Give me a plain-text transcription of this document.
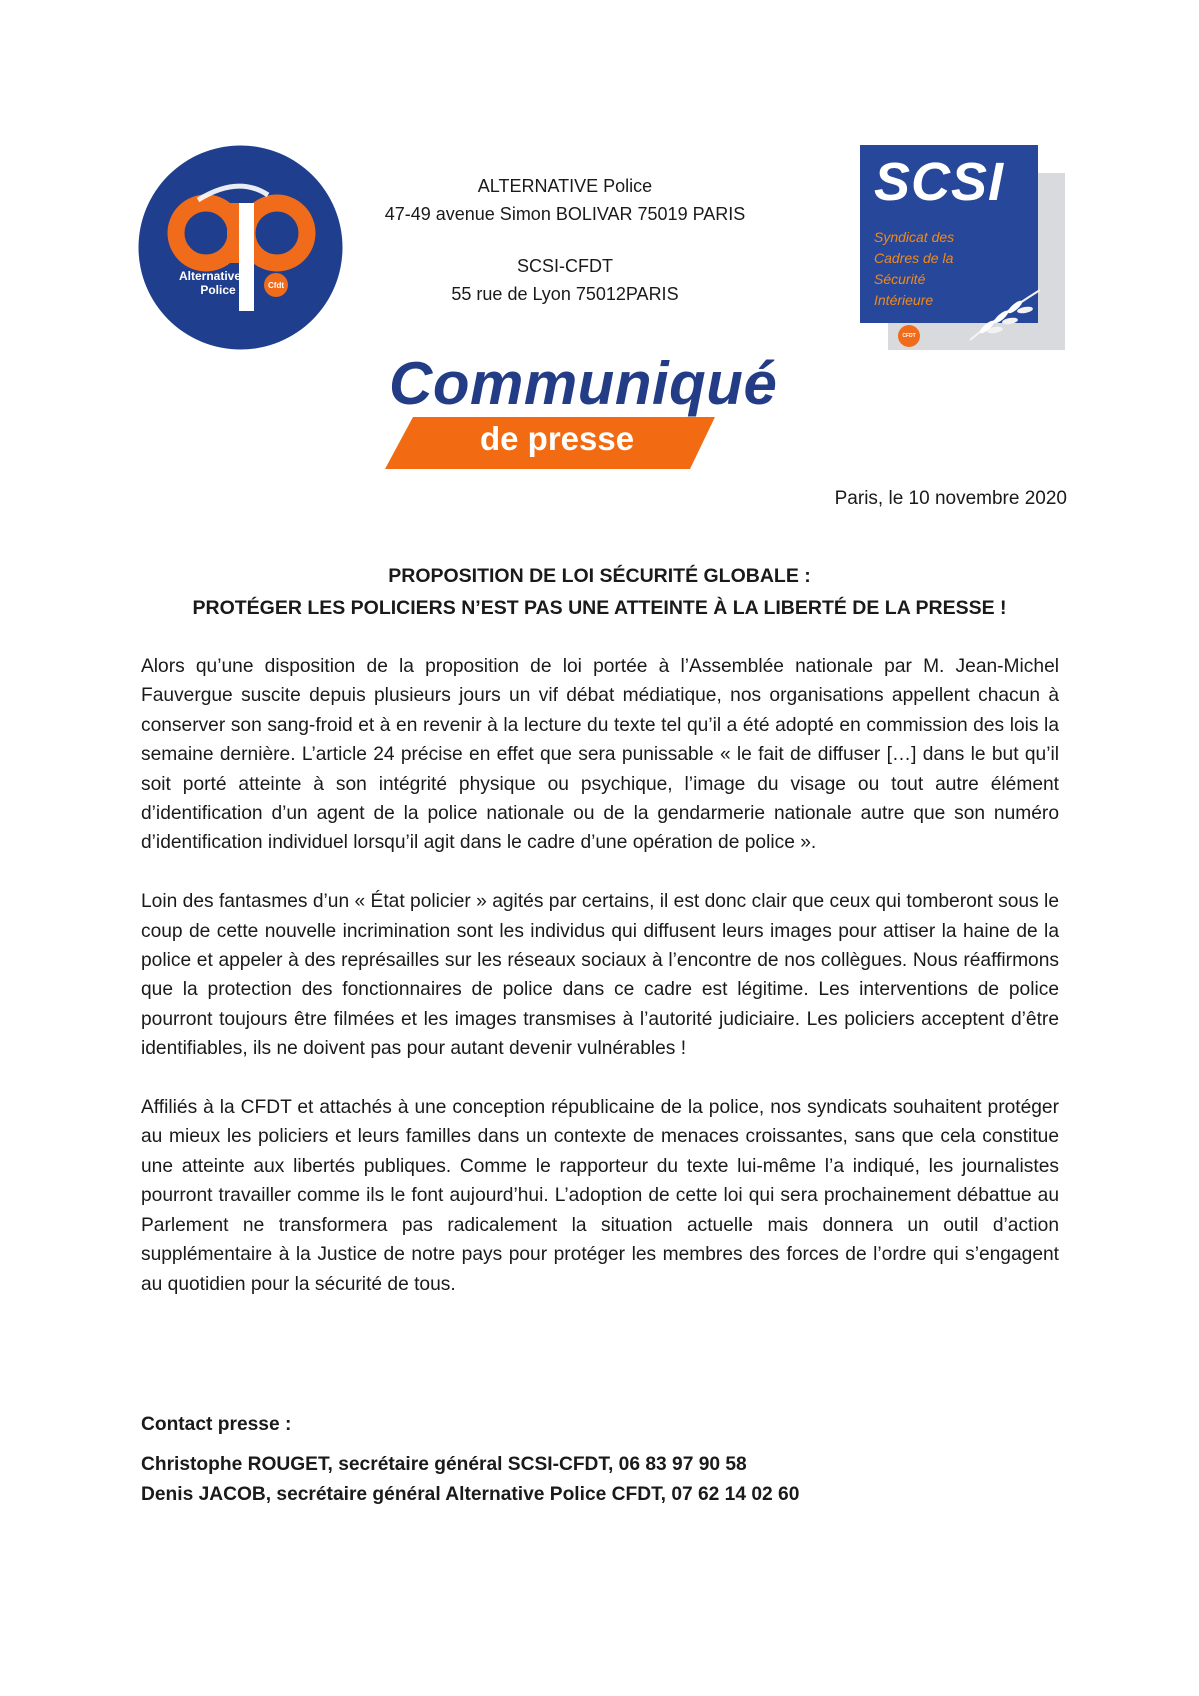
Alternative
Police	Cfdt
ALTERNATIVE Police
47-49 avenue Simon BOLIVAR 75019 PARIS
SCSI-CFDT
55 rue de Lyon 75012PARIS
SCSI
Syndicat des
Cadres de la
Sécurité
Intérieure
CFDT
Communiqué
de presse
Paris, le 10 novembre 2020
PROPOSITION DE LOI SÉCURITÉ GLOBALE :
PROTÉGER LES POLICIERS N’EST PAS UNE ATTEINTE À LA LIBERTÉ DE LA PRESSE !

Alors qu’une disposition de la proposition de loi portée à l’Assemblée nationale par M. Jean-Michel Fauvergue suscite depuis plusieurs jours un vif débat médiatique, nos organisations appellent chacun à conserver son sang-froid et à en revenir à la lecture du texte tel qu’il a été adopté en commission des lois la semaine dernière. L’article 24 précise en effet que sera punissable « le fait de diffuser […] dans le but qu’il soit porté atteinte à son intégrité physique ou psychique, l’image du visage ou tout autre élément d’identification d’un agent de la police nationale ou de la gendarmerie nationale autre que son numéro d’identification individuel lorsqu’il agit dans le cadre d’une opération de police ».

Loin des fantasmes d’un « État policier » agités par certains, il est donc clair que ceux qui tomberont sous le coup de cette nouvelle incrimination sont les individus qui diffusent leurs images pour attiser la haine de la police et appeler à des représailles sur les réseaux sociaux à l’encontre de nos collègues. Nous réaffirmons que la protection des fonctionnaires de police dans ce cadre est légitime. Les interventions de police pourront toujours être filmées et les images transmises à l’autorité judiciaire. Les policiers acceptent d’être identifiables, ils ne doivent pas pour autant devenir vulnérables !

Affiliés à la CFDT et attachés à une conception républicaine de la police, nos syndicats souhaitent protéger au mieux les policiers et leurs familles dans un contexte de menaces croissantes, sans que cela constitue une atteinte aux libertés publiques. Comme le rapporteur du texte lui-même l’a indiqué, les journalistes pourront travailler comme ils le font aujourd’hui. L’adoption de cette loi qui sera prochainement débattue au Parlement ne transformera pas radicalement la situation actuelle mais donnera un outil d’action supplémentaire à la Justice de notre pays pour protéger les membres des forces de l’ordre qui s’engagent au quotidien pour la sécurité de tous.

Contact presse :
Christophe ROUGET, secrétaire général SCSI-CFDT, 06 83 97 90 58
Denis JACOB, secrétaire général Alternative Police CFDT, 07 62 14 02 60
